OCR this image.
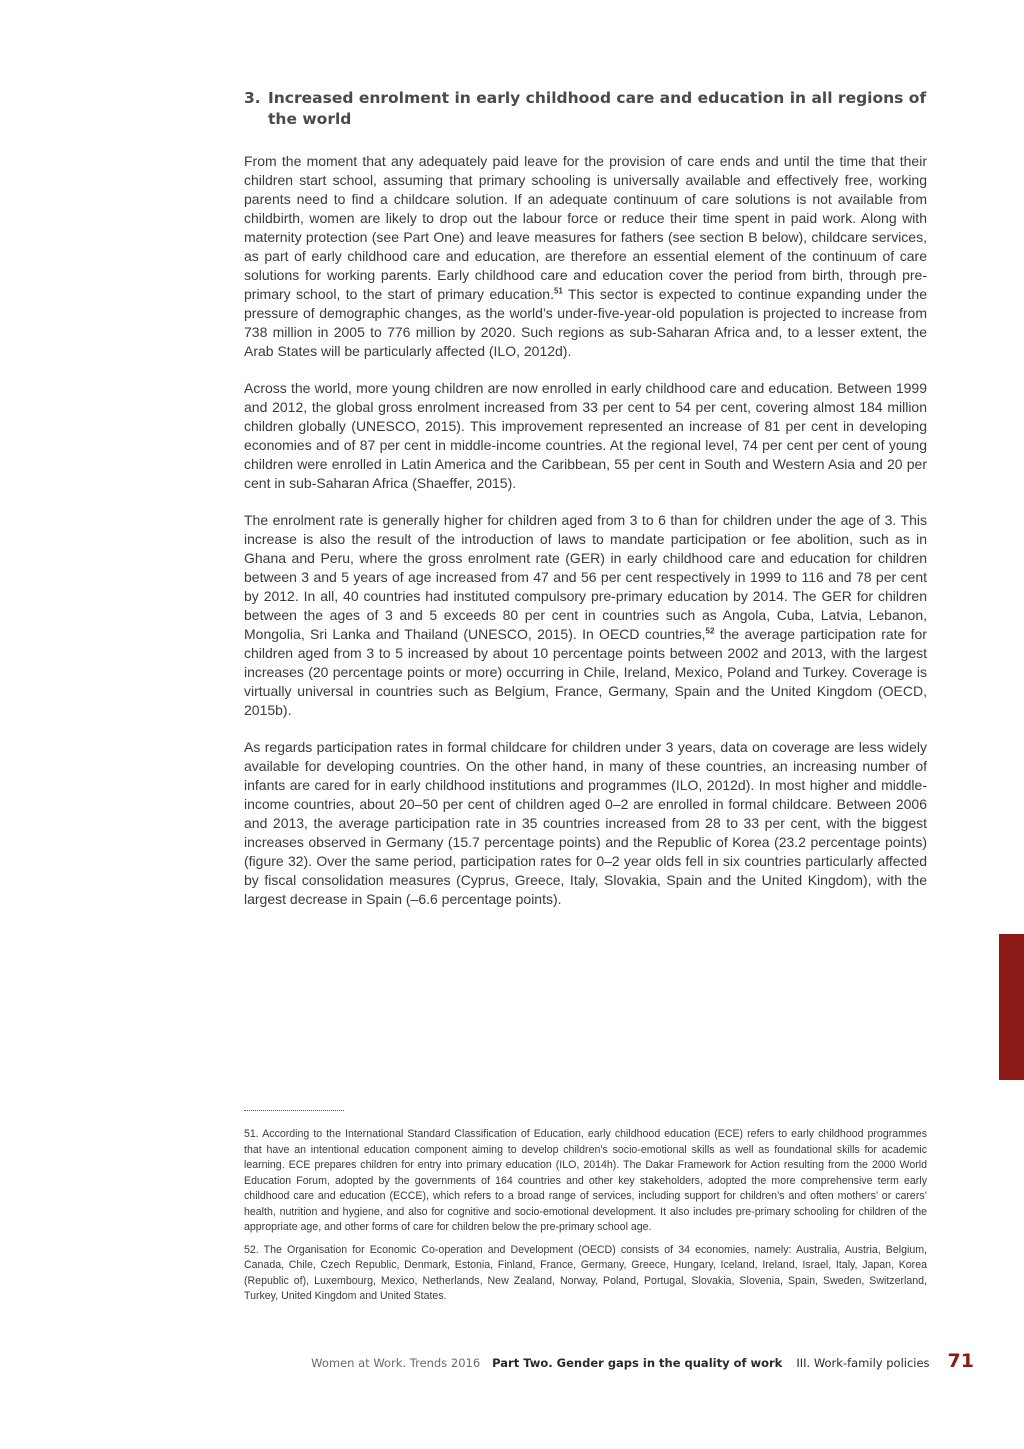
3. Increased enrolment in early childhood care and education in all regions of the world

From the moment that any adequately paid leave for the provision of care ends and until the time that their children start school, assuming that primary schooling is universally available and effectively free, working parents need to find a childcare solution. If an adequate continuum of care solutions is not available from childbirth, women are likely to drop out the labour force or reduce their time spent in paid work. Along with maternity protection (see Part One) and leave measures for fathers (see section B below), childcare services, as part of early childhood care and education, are therefore an essential element of the continuum of care solutions for working parents. Early childhood care and education cover the period from birth, through pre-primary school, to the start of primary education.$^{51}$ This sector is expected to continue expanding under the pressure of demographic changes, as the world’s under-five-year-old population is projected to increase from 738 million in 2005 to 776 million by 2020. Such regions as sub-Saharan Africa and, to a lesser extent, the Arab States will be particularly affected (ILO, 2012d).

Across the world, more young children are now enrolled in early childhood care and education. Between 1999 and 2012, the global gross enrolment increased from 33 per cent to 54 per cent, covering almost 184 million children globally (UNESCO, 2015). This improvement represented an increase of 81 per cent in developing economies and of 87 per cent in middle-income countries. At the regional level, 74 per cent per cent of young children were enrolled in Latin America and the Caribbean, 55 per cent in South and Western Asia and 20 per cent in sub-Saharan Africa (Shaeffer, 2015).

The enrolment rate is generally higher for children aged from 3 to 6 than for children under the age of 3. This increase is also the result of the introduction of laws to mandate participation or fee abolition, such as in Ghana and Peru, where the gross enrolment rate (GER) in early childhood care and education for children between 3 and 5 years of age increased from 47 and 56 per cent respectively in 1999 to 116 and 78 per cent by 2012. In all, 40 countries had instituted compulsory pre-primary education by 2014. The GER for children between the ages of 3 and 5 exceeds 80 per cent in countries such as Angola, Cuba, Latvia, Lebanon, Mongolia, Sri Lanka and Thailand (UNESCO, 2015). In OECD countries,$^{52}$ the average participation rate for children aged from 3 to 5 increased by about 10 percentage points between 2002 and 2013, with the largest increases (20 percentage points or more) occurring in Chile, Ireland, Mexico, Poland and Turkey. Coverage is virtually universal in countries such as Belgium, France, Germany, Spain and the United Kingdom (OECD, 2015b).

As regards participation rates in formal childcare for children under 3 years, data on coverage are less widely available for developing countries. On the other hand, in many of these countries, an increasing number of infants are cared for in early childhood institutions and programmes (ILO, 2012d). In most higher and middle-income countries, about 20–50 per cent of children aged 0–2 are enrolled in formal childcare. Between 2006 and 2013, the average participation rate in 35 countries increased from 28 to 33 per cent, with the biggest increases observed in Germany (15.7 percentage points) and the Republic of Korea (23.2 percentage points) (figure 32). Over the same period, participation rates for 0–2 year olds fell in six countries particularly affected by fiscal consolidation measures (Cyprus, Greece, Italy, Slovakia, Spain and the United Kingdom), with the largest decrease in Spain (–6.6 percentage points).

51. According to the International Standard Classification of Education, early childhood education (ECE) refers to early childhood programmes that have an intentional education component aiming to develop children’s socio-emotional skills as well as foundational skills for academic learning. ECE prepares children for entry into primary education (ILO, 2014h). The Dakar Framework for Action resulting from the 2000 World Education Forum, adopted by the governments of 164 countries and other key stakeholders, adopted the more comprehensive term early childhood care and education (ECCE), which refers to a broad range of services, including support for children’s and often mothers’ or carers’ health, nutrition and hygiene, and also for cognitive and socio-emotional development. It also includes pre-primary schooling for children of the appropriate age, and other forms of care for children below the pre-primary school age.

52. The Organisation for Economic Co-operation and Development (OECD) consists of 34 economies, namely: Australia, Austria, Belgium, Canada, Chile, Czech Republic, Denmark, Estonia, Finland, France, Germany, Greece, Hungary, Iceland, Ireland, Israel, Italy, Japan, Korea (Republic of), Luxembourg, Mexico, Netherlands, New Zealand, Norway, Poland, Portugal, Slovakia, Slovenia, Spain, Sweden, Switzerland, Turkey, United Kingdom and United States.

Women at Work. Trends 2016 Part Two. Gender gaps in the quality of work III. Work-family policies 71
